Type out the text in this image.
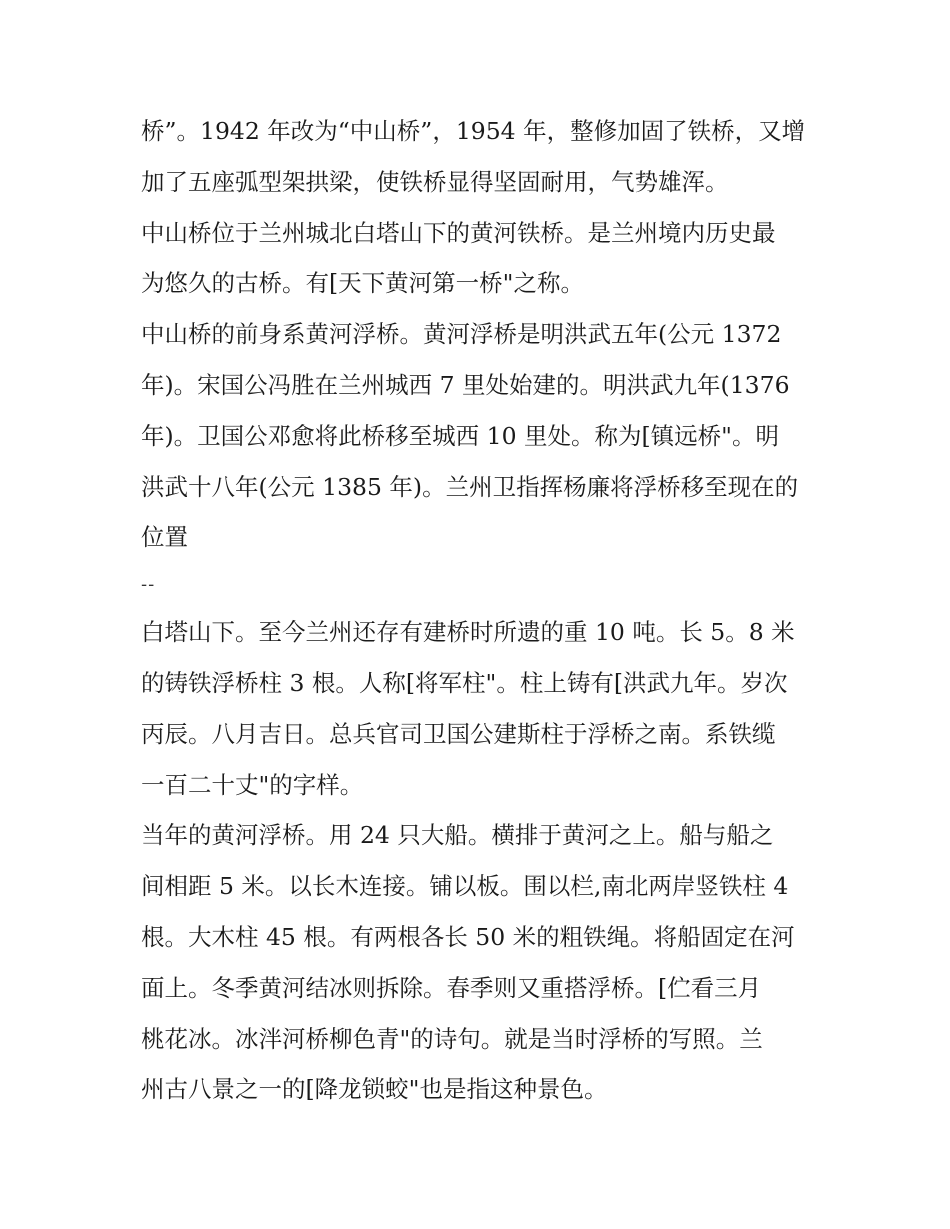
桥”。1942 年改为“中山桥”，1954 年，整修加固了铁桥，又增
加了五座弧型架拱梁，使铁桥显得坚固耐用，气势雄浑。
中山桥位于兰州城北白塔山下的黄河铁桥。是兰州境内历史最
为悠久的古桥。有[天下黄河第一桥"之称。
中山桥的前身系黄河浮桥。黄河浮桥是明洪武五年(公元 1372
年)。宋国公冯胜在兰州城西 7 里处始建的。明洪武九年(1376
年)。卫国公邓愈将此桥移至城西 10 里处。称为[镇远桥"。明
洪武十八年(公元 1385 年)。兰州卫指挥杨廉将浮桥移至现在的
位置
--
白塔山下。至今兰州还存有建桥时所遗的重 10 吨。长 5。8 米
的铸铁浮桥柱 3 根。人称[将军柱"。柱上铸有[洪武九年。岁次
丙辰。八月吉日。总兵官司卫国公建斯柱于浮桥之南。系铁缆
一百二十丈"的字样。
当年的黄河浮桥。用 24 只大船。横排于黄河之上。船与船之
间相距 5 米。以长木连接。铺以板。围以栏,南北两岸竖铁柱 4
根。大木柱 45 根。有两根各长 50 米的粗铁绳。将船固定在河
面上。冬季黄河结冰则拆除。春季则又重搭浮桥。[伫看三月
桃花冰。冰泮河桥柳色青"的诗句。就是当时浮桥的写照。兰
州古八景之一的[降龙锁蛟"也是指这种景色。
